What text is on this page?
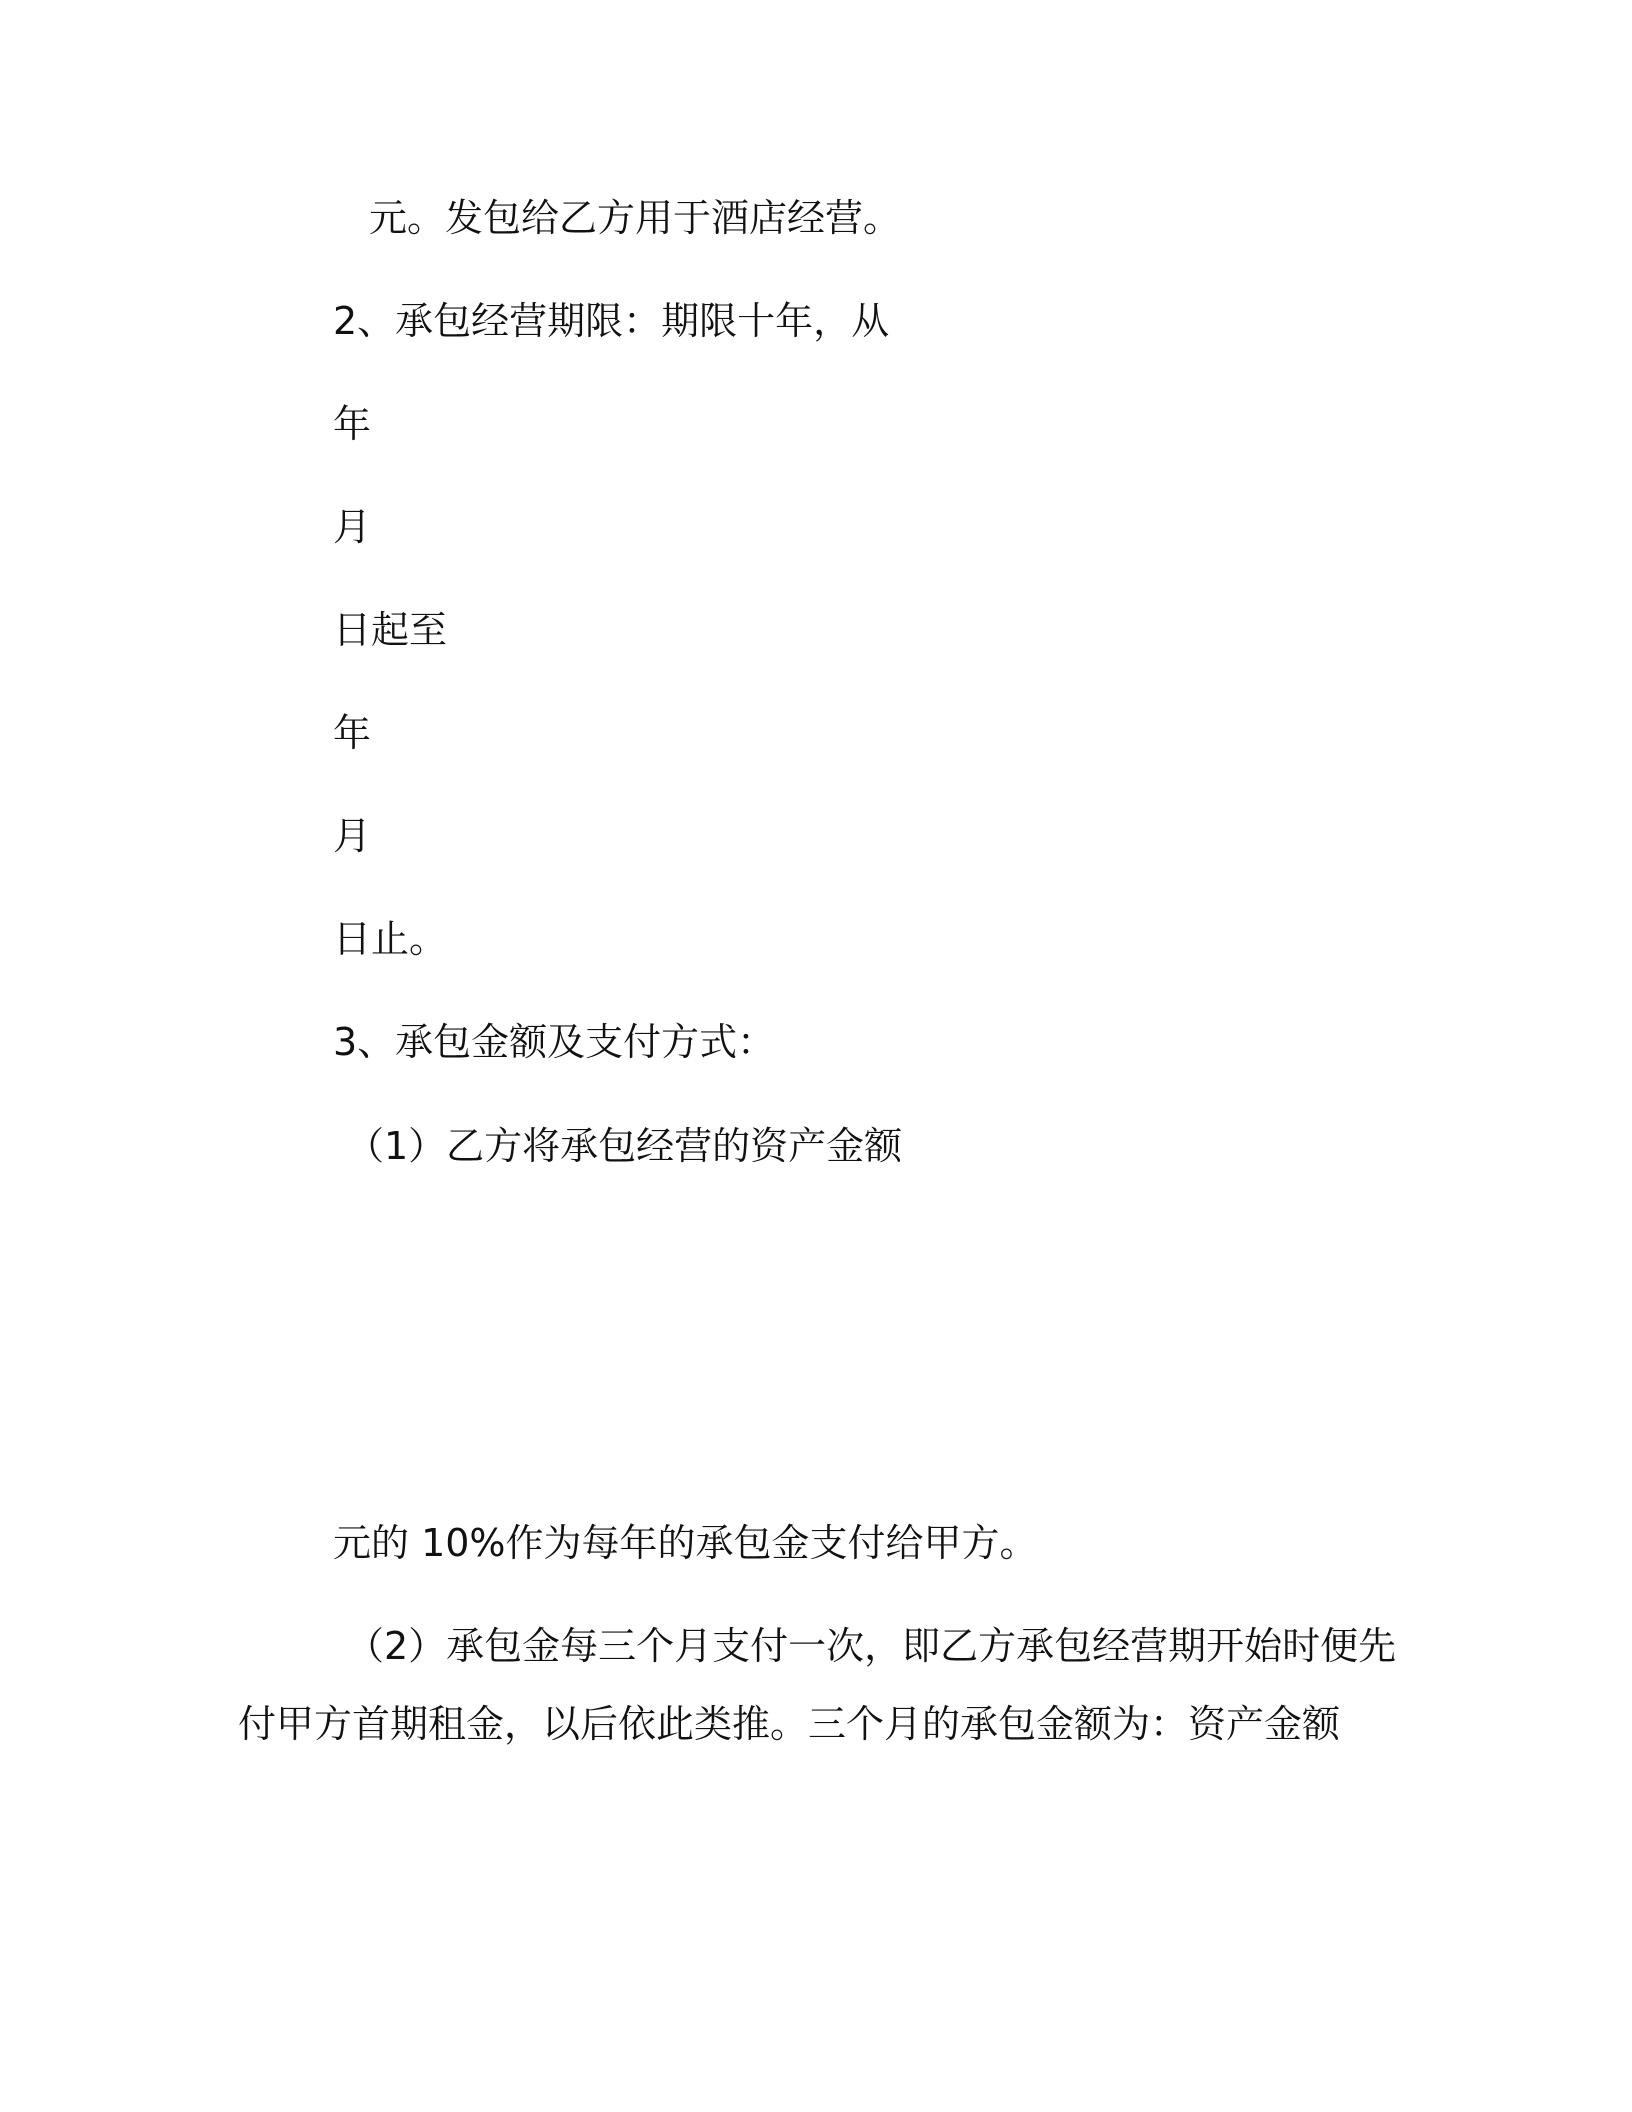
元。发包给乙方用于酒店经营。
2、承包经营期限：期限十年，从
年
月
日起至
年
月
日止。
3、承包金额及支付方式：
（1）乙方将承包经营的资产金额
元的 10%作为每年的承包金支付给甲方。
（2）承包金每三个月支付一次，即乙方承包经营期开始时便先
付甲方首期租金，以后依此类推。三个月的承包金额为：资产金额
